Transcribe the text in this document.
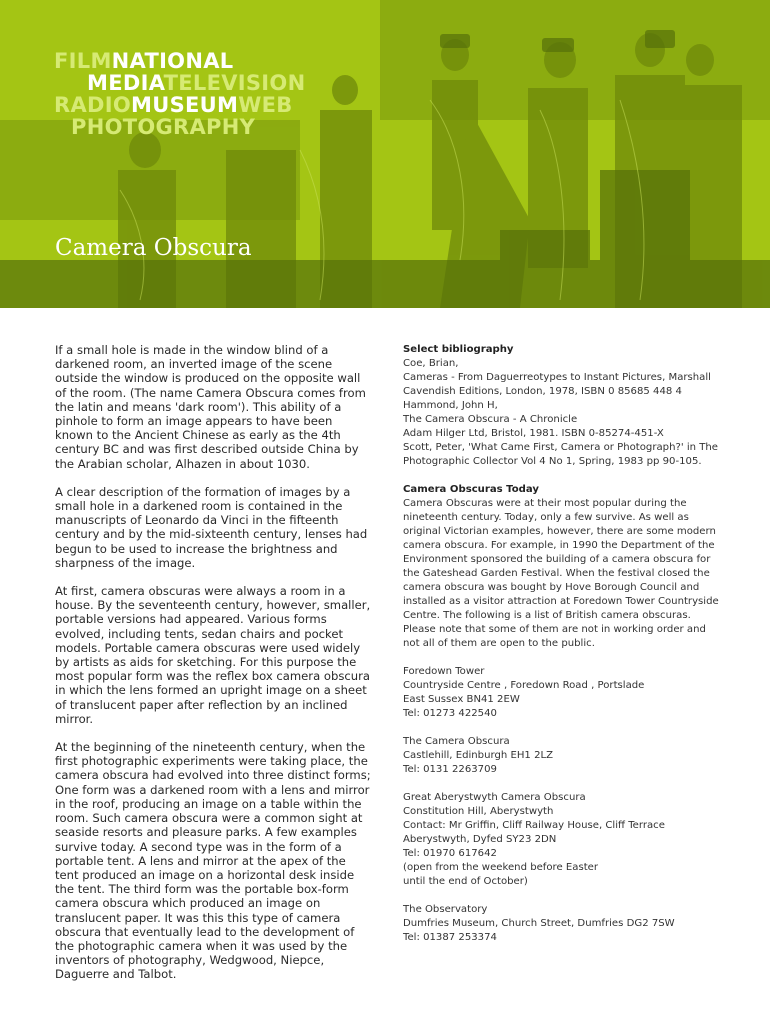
FILMNATIONAL
MEDIATELEVISION
RADIOMUSEUMWEB
PHOTOGRAPHY
Camera Obscura

If a small hole is made in the window blind of a darkened room, an inverted image of the scene outside the window is produced on the opposite wall of the room. (The name Camera Obscura comes from the latin and means 'dark room'). This ability of a pinhole to form an image appears to have been known to the Ancient Chinese as early as the 4th century BC and was first described outside China by the Arabian scholar, Alhazen in about 1030.

A clear description of the formation of images by a small hole in a darkened room is contained in the manuscripts of Leonardo da Vinci in the fifteenth century and by the mid-sixteenth century, lenses had begun to be used to increase the brightness and sharpness of the image.

At first, camera obscuras were always a room in a house. By the seventeenth century, however, smaller, portable versions had appeared. Various forms evolved, including tents, sedan chairs and pocket models. Portable camera obscuras were used widely by artists as aids for sketching. For this purpose the most popular form was the reflex box camera obscura in which the lens formed an upright image on a sheet of translucent paper after reflection by an inclined mirror.

At the beginning of the nineteenth century, when the first photographic experiments were taking place, the camera obscura had evolved into three distinct forms; One form was a darkened room with a lens and mirror in the roof, producing an image on a table within the room. Such camera obscura were a common sight at seaside resorts and pleasure parks. A few examples survive today. A second type was in the form of a portable tent. A lens and mirror at the apex of the tent produced an image on a horizontal desk inside the tent. The third form was the portable box-form camera obscura which produced an image on translucent paper. It was this this type of camera obscura that eventually lead to the development of the photographic camera when it was used by the inventors of photography, Wedgwood, Niepce, Daguerre and Talbot.

Select bibliography
Coe, Brian,
Cameras - From Daguerreotypes to Instant Pictures, Marshall
Cavendish Editions, London, 1978, ISBN 0 85685 448 4
Hammond, John H,
The Camera Obscura - A Chronicle
Adam Hilger Ltd, Bristol, 1981. ISBN 0-85274-451-X
Scott, Peter, 'What Came First, Camera or Photograph?' in The
Photographic Collector Vol 4 No 1, Spring, 1983 pp 90-105.
Camera Obscuras Today
Camera Obscuras were at their most popular during the nineteenth century. Today, only a few survive. As well as original Victorian examples, however, there are some modern camera obscura. For example, in 1990 the Department of the Environment sponsored the building of a camera obscura for the Gateshead Garden Festival. When the festival closed the camera obscura was bought by Hove Borough Council and installed as a visitor attraction at Foredown Tower Countryside Centre. The following is a list of British camera obscuras. Please note that some of them are not in working order and not all of them are open to the public.
Foredown Tower
Countryside Centre , Foredown Road , Portslade
East Sussex BN41 2EW
Tel: 01273 422540
The Camera Obscura
Castlehill, Edinburgh EH1 2LZ
Tel: 0131 2263709
Great Aberystwyth Camera Obscura
Constitution Hill, Aberystwyth
Contact: Mr Griffin, Cliff Railway House, Cliff Terrace
Aberystwyth, Dyfed SY23 2DN
Tel: 01970 617642
(open from the weekend before Easter
until the end of October)
The Observatory
Dumfries Museum, Church Street, Dumfries DG2 7SW
Tel: 01387 253374
